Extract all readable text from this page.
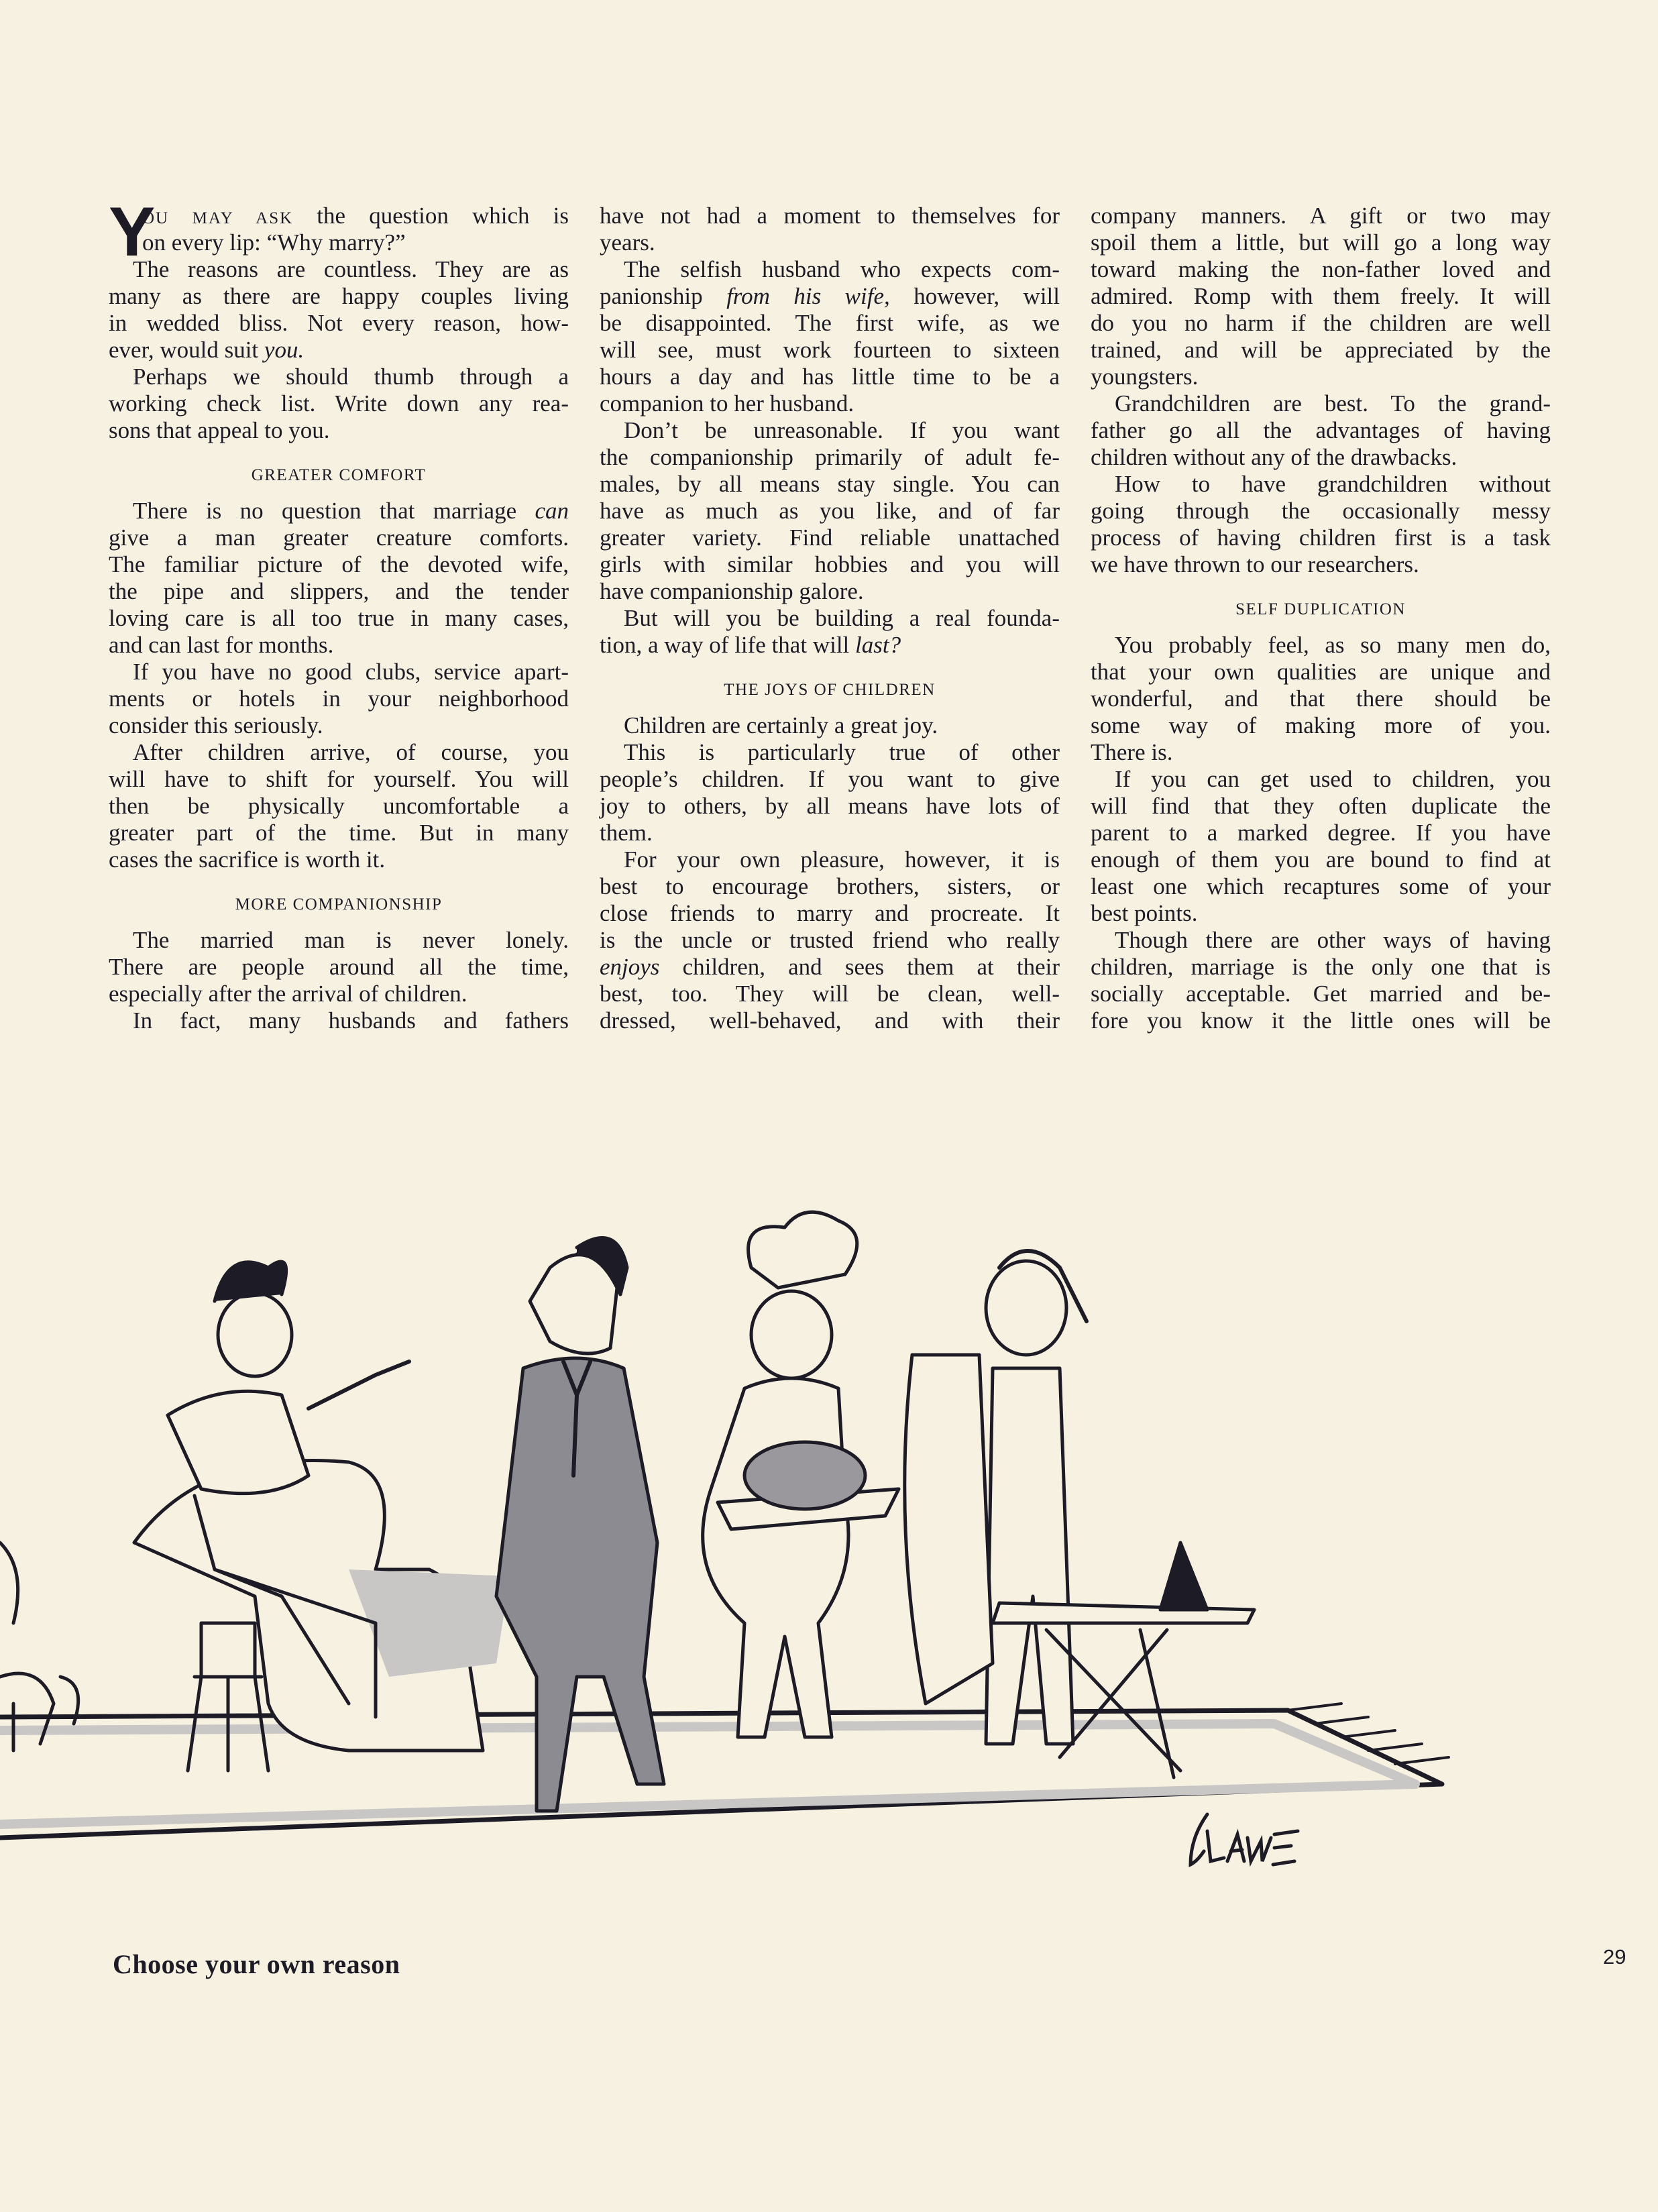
Y
OU MAY ASK the question which is
on every lip: “Why marry?”
The reasons are countless. They are as
many as there are happy couples living
in wedded bliss. Not every reason, how-
ever, would suit you.
Perhaps we should thumb through a
working check list. Write down any rea-
sons that appeal to you.
GREATER COMFORT
There is no question that marriage can
give a man greater creature comforts.
The familiar picture of the devoted wife,
the pipe and slippers, and the tender
loving care is all too true in many cases,
and can last for months.
If you have no good clubs, service apart-
ments or hotels in your neighborhood
consider this seriously.
After children arrive, of course, you
will have to shift for yourself. You will
then be physically uncomfortable a
greater part of the time. But in many
cases the sacrifice is worth it.
MORE COMPANIONSHIP
The married man is never lonely.
There are people around all the time,
especially after the arrival of children.
In fact, many husbands and fathers
have not had a moment to themselves for
years.
The selfish husband who expects com-
panionship from his wife, however, will
be disappointed. The first wife, as we
will see, must work fourteen to sixteen
hours a day and has little time to be a
companion to her husband.
Don’t be unreasonable. If you want
the companionship primarily of adult fe-
males, by all means stay single. You can
have as much as you like, and of far
greater variety. Find reliable unattached
girls with similar hobbies and you will
have companionship galore.
But will you be building a real founda-
tion, a way of life that will last?
THE JOYS OF CHILDREN
Children are certainly a great joy.
This is particularly true of other
people’s children. If you want to give
joy to others, by all means have lots of
them.
For your own pleasure, however, it is
best to encourage brothers, sisters, or
close friends to marry and procreate. It
is the uncle or trusted friend who really
enjoys children, and sees them at their
best, too. They will be clean, well-
dressed, well-behaved, and with their
company manners. A gift or two may
spoil them a little, but will go a long way
toward making the non-father loved and
admired. Romp with them freely. It will
do you no harm if the children are well
trained, and will be appreciated by the
youngsters.
Grandchildren are best. To the grand-
father go all the advantages of having
children without any of the drawbacks.
How to have grandchildren without
going through the occasionally messy
process of having children first is a task
we have thrown to our researchers.
SELF DUPLICATION
You probably feel, as so many men do,
that your own qualities are unique and
wonderful, and that there should be
some way of making more of you.
There is.
If you can get used to children, you
will find that they often duplicate the
parent to a marked degree. If you have
enough of them you are bound to find at
least one which recaptures some of your
best points.
Though there are other ways of having
children, marriage is the only one that is
socially acceptable. Get married and be-
fore you know it the little ones will be
Choose your own reason	29
